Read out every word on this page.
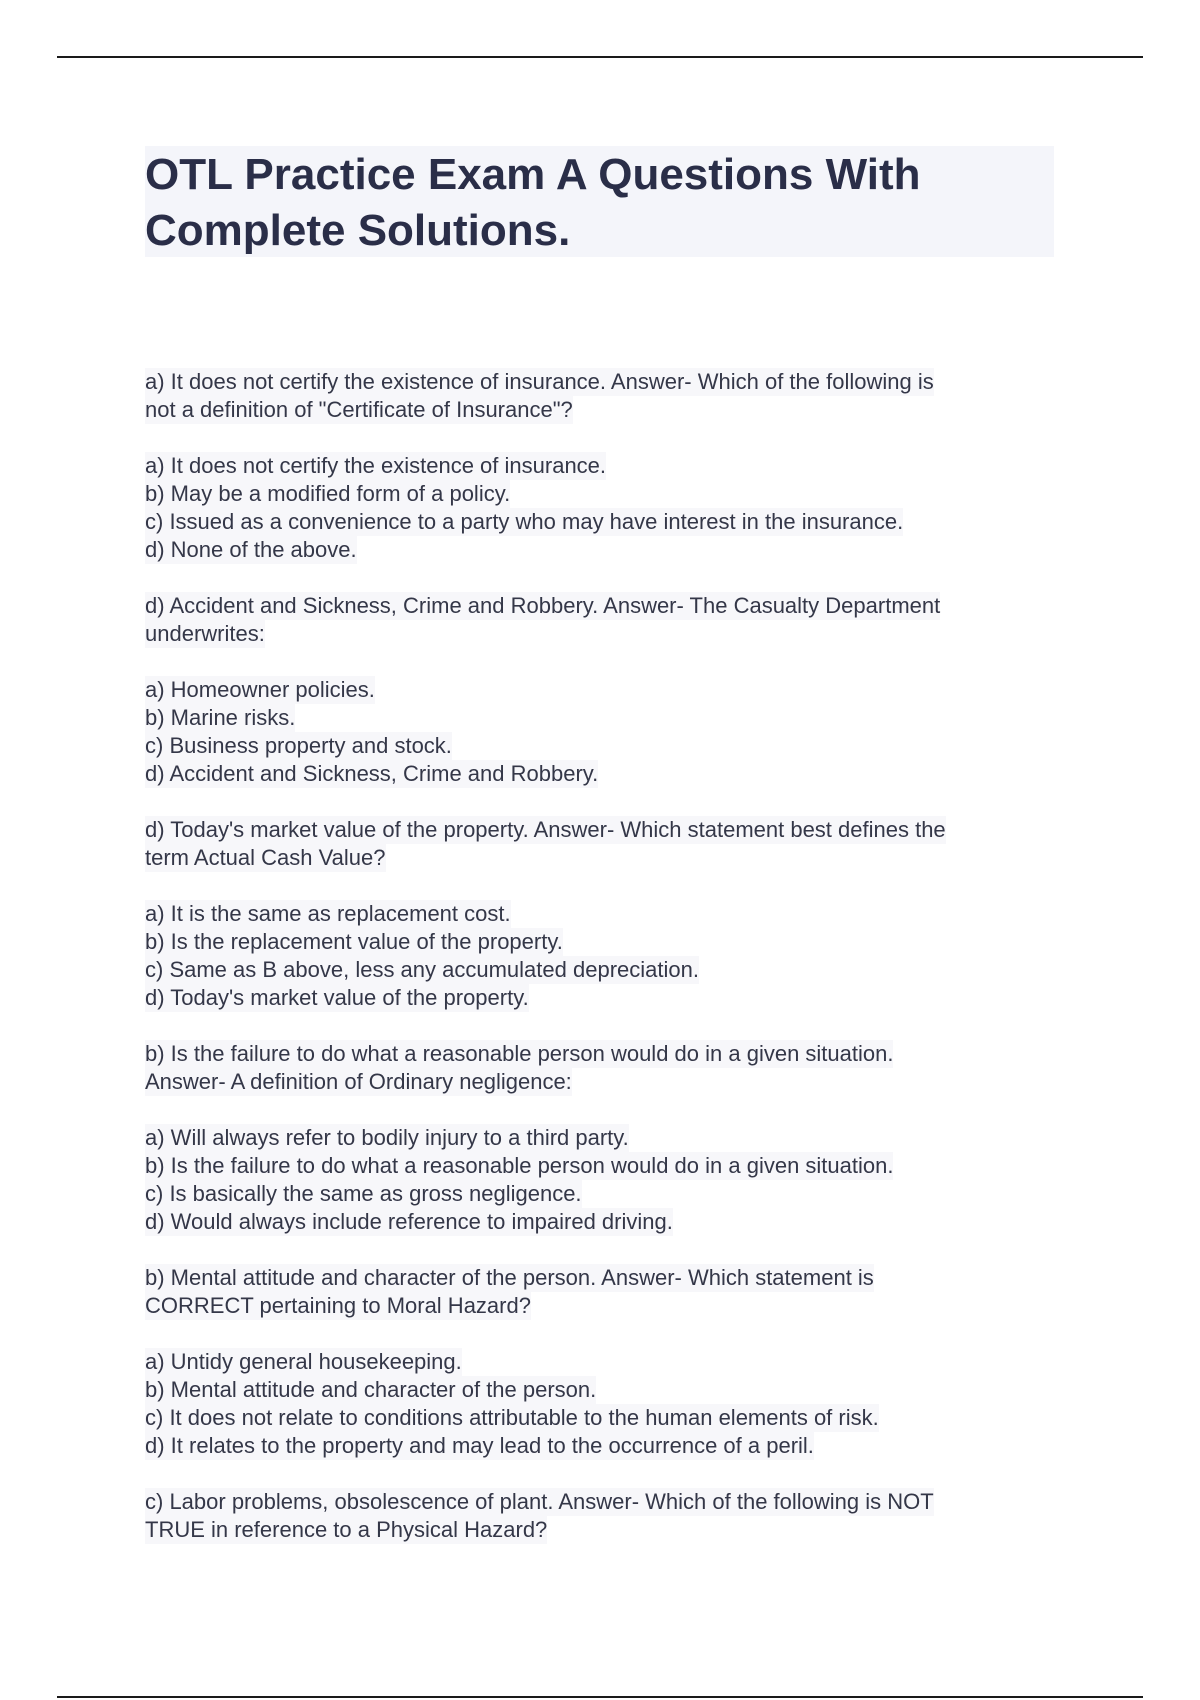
OTL Practice Exam A Questions With
Complete Solutions.
a) It does not certify the existence of insurance. Answer- Which of the following is
not a definition of "Certificate of Insurance"?
a) It does not certify the existence of insurance.
b) May be a modified form of a policy.
c) Issued as a convenience to a party who may have interest in the insurance.
d) None of the above.
d) Accident and Sickness, Crime and Robbery. Answer- The Casualty Department
underwrites:
a) Homeowner policies.
b) Marine risks.
c) Business property and stock.
d) Accident and Sickness, Crime and Robbery.
d) Today's market value of the property. Answer- Which statement best defines the
term Actual Cash Value?
a) It is the same as replacement cost.
b) Is the replacement value of the property.
c) Same as B above, less any accumulated depreciation.
d) Today's market value of the property.
b) Is the failure to do what a reasonable person would do in a given situation.
Answer- A definition of Ordinary negligence:
a) Will always refer to bodily injury to a third party.
b) Is the failure to do what a reasonable person would do in a given situation.
c) Is basically the same as gross negligence.
d) Would always include reference to impaired driving.
b) Mental attitude and character of the person. Answer- Which statement is
CORRECT pertaining to Moral Hazard?
a) Untidy general housekeeping.
b) Mental attitude and character of the person.
c) It does not relate to conditions attributable to the human elements of risk.
d) It relates to the property and may lead to the occurrence of a peril.
c) Labor problems, obsolescence of plant. Answer- Which of the following is NOT
TRUE in reference to a Physical Hazard?
